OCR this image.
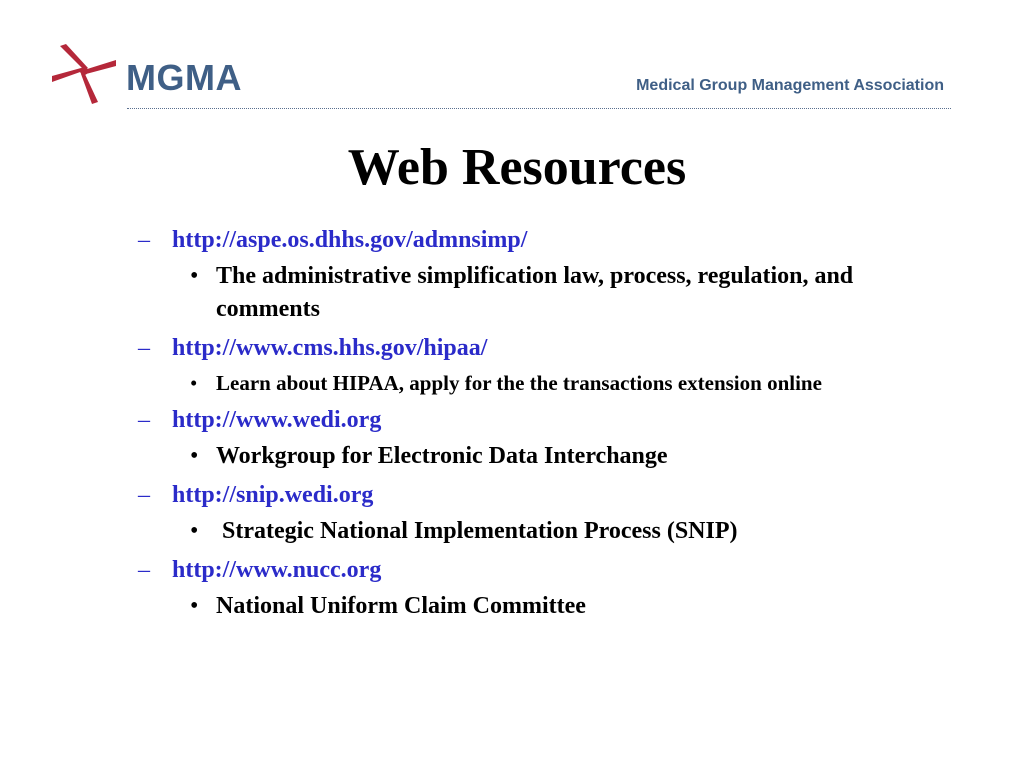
MGMA	Medical Group Management Association
Web Resources
– http://aspe.os.dhhs.gov/admnsimp/
• The administrative simplification law, process, regulation, and comments
– http://www.cms.hhs.gov/hipaa/
• Learn about HIPAA, apply for the the transactions extension online
– http://www.wedi.org
• Workgroup for Electronic Data Interchange
– http://snip.wedi.org
• Strategic National Implementation Process (SNIP)
– http://www.nucc.org
• National Uniform Claim Committee
